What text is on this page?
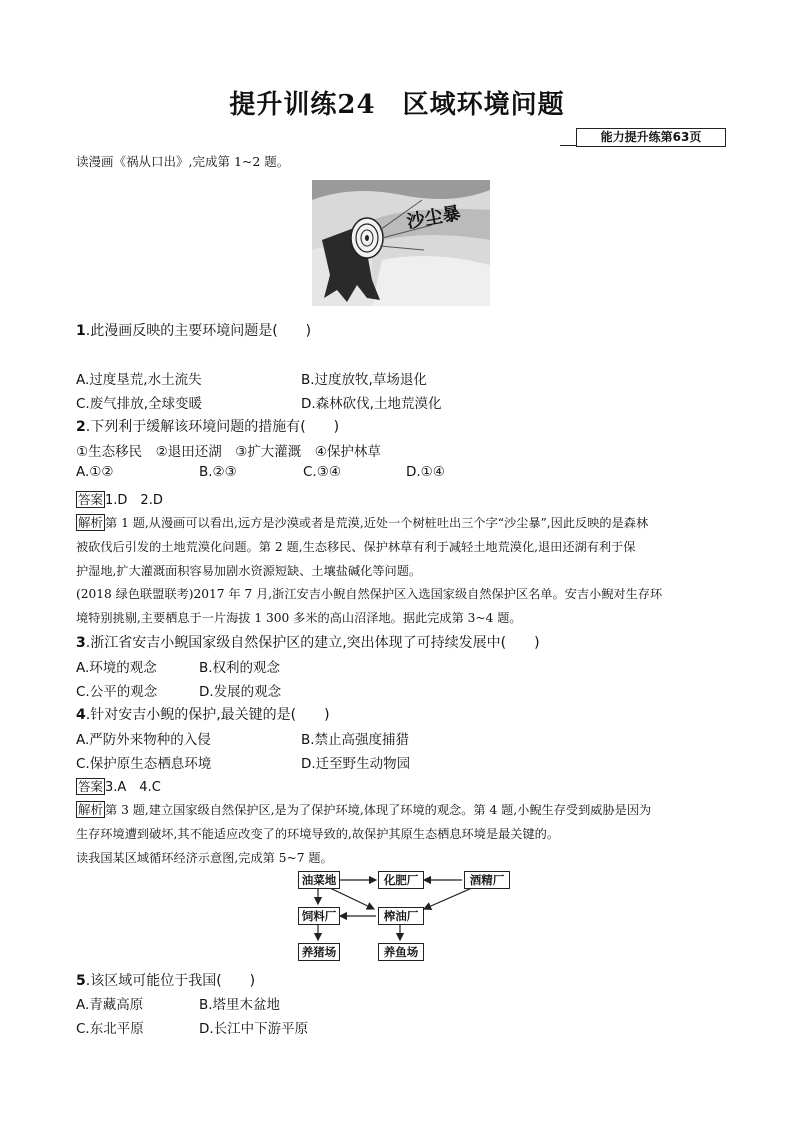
提升训练24　区域环境问题
能力提升练第63页
读漫画《祸从口出》,完成第 1~2 题。
沙尘暴
1.此漫画反映的主要环境问题是(　　)
A.过度垦荒,水土流失	B.过度放牧,草场退化
C.废气排放,全球变暖	D.森林砍伐,土地荒漠化
2.下列利于缓解该环境问题的措施有(　　)
①生态移民　②退田还湖　③扩大灌溉　④保护林草
A.①②	B.②③	C.③④	D.①④
答案 1.D　2.D
解析 第 1 题,从漫画可以看出,远方是沙漠或者是荒漠,近处一个树桩吐出三个字“沙尘暴”,因此反映的是森林
被砍伐后引发的土地荒漠化问题。第 2 题,生态移民、保护林草有利于减轻土地荒漠化,退田还湖有利于保
护湿地,扩大灌溉面积容易加剧水资源短缺、土壤盐碱化等问题。
(2018 绿色联盟联考)2017 年 7 月,浙江安吉小鲵自然保护区入选国家级自然保护区名单。安吉小鲵对生存环
境特别挑剔,主要栖息于一片海拔 1 300 多米的高山沼泽地。据此完成第 3~4 题。
3.浙江省安吉小鲵国家级自然保护区的建立,突出体现了可持续发展中(　　)
A.环境的观念	B.权利的观念
C.公平的观念	D.发展的观念
4.针对安吉小鲵的保护,最关键的是(　　)
A.严防外来物种的入侵	B.禁止高强度捕猎
C.保护原生态栖息环境	D.迁至野生动物园
答案 3.A　4.C
解析 第 3 题,建立国家级自然保护区,是为了保护环境,体现了环境的观念。第 4 题,小鲵生存受到威胁是因为
生存环境遭到破坏,其不能适应改变了的环境导致的,故保护其原生态栖息环境是最关键的。
读我国某区域循环经济示意图,完成第 5~7 题。
油菜地	化肥厂	酒精厂
饲料厂	榨油厂
养猪场	养鱼场
5.该区域可能位于我国(　　)
A.青藏高原	B.塔里木盆地
C.东北平原	D.长江中下游平原
